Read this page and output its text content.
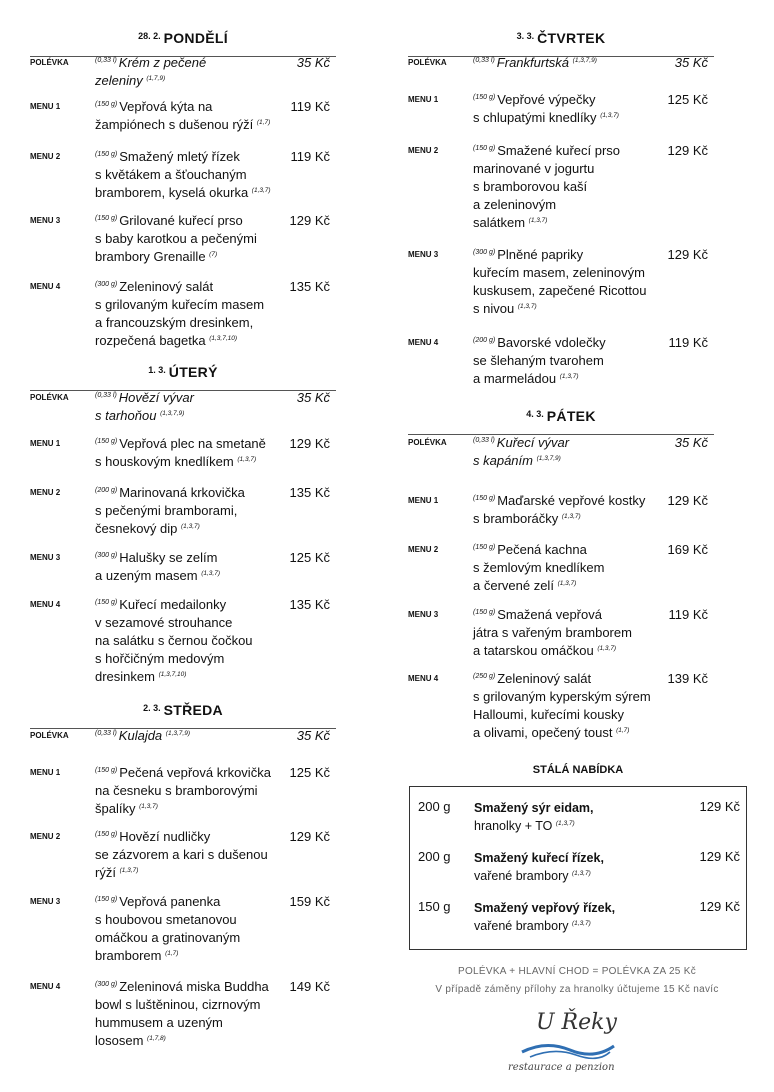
$^{28. 2.}$ PONDĚLÍ
POLÉVKA	$^{(0,33 l)}$ Krém z pečené
zeleniny $^{(1,7,9)}$
35 Kč
MENU 1	$^{(150 g)}$ Vepřová kýta na
žampiónech s dušenou rýží $^{(1,7)}$
119 Kč
MENU 2	$^{(150 g)}$ Smažený mletý řízek
s květákem a šťouchaným
bramborem, kyselá okurka $^{(1,3,7)}$
119 Kč
MENU 3	$^{(150 g)}$ Grilované kuřecí prso
s baby karotkou a pečenými
brambory Grenaille $^{(7)}$
129 Kč
MENU 4	$^{(300 g)}$ Zeleninový salát
s grilovaným kuřecím masem
a francouzským dresinkem,
rozpečená bagetka $^{(1,3,7,10)}$
135 Kč
$^{1. 3.}$ ÚTERÝ
POLÉVKA	$^{(0,33 l)}$ Hovězí vývar
s tarhoňou $^{(1,3,7,9)}$
35 Kč
MENU 1	$^{(150 g)}$ Vepřová plec na smetaně
s houskovým knedlíkem $^{(1,3,7)}$
129 Kč
MENU 2	$^{(200 g)}$ Marinovaná krkovička
s pečenými bramborami,
česnekový dip $^{(1,3,7)}$
135 Kč
MENU 3	$^{(300 g)}$ Halušky se zelím
a uzeným masem $^{(1,3,7)}$
125 Kč
MENU 4	$^{(150 g)}$ Kuřecí medailonky
v sezamové strouhance
na salátku s černou čočkou
s hořčičným medovým
dresinkem $^{(1,3,7,10)}$
135 Kč
$^{2. 3.}$ STŘEDA
POLÉVKA	$^{(0,33 l)}$ Kulajda $^{(1,3,7,9)}$	35 Kč
MENU 1	$^{(150 g)}$ Pečená vepřová krkovička
na česneku s bramborovými
špalíky $^{(1,3,7)}$
125 Kč
MENU 2	$^{(150 g)}$ Hovězí nudličky
se zázvorem a kari s dušenou
rýží $^{(1,3,7)}$
129 Kč
MENU 3	$^{(150 g)}$ Vepřová panenka
s houbovou smetanovou
omáčkou a gratinovaným
bramborem $^{(1,7)}$
159 Kč
MENU 4	$^{(300 g)}$ Zeleninová miska Buddha
bowl s luštěninou, cizrnovým
hummusem a uzeným
lososem $^{(1,7,8)}$
149 Kč
$^{3. 3.}$ ČTVRTEK
POLÉVKA	$^{(0,33 l)}$ Frankfurtská $^{(1,3,7,9)}$	35 Kč
MENU 1	$^{(150 g)}$ Vepřové výpečky
s chlupatými knedlíky $^{(1,3,7)}$
125 Kč
MENU 2	$^{(150 g)}$ Smažené kuřecí prso
marinované v jogurtu
s bramborovou kaší
a zeleninovým
salátkem $^{(1,3,7)}$
129 Kč
MENU 3	$^{(300 g)}$ Plněné papriky
kuřecím masem, zeleninovým
kuskusem, zapečené Ricottou
s nivou $^{(1,3,7)}$
129 Kč
MENU 4	$^{(200 g)}$ Bavorské vdolečky
se šlehaným tvarohem
a marmeládou $^{(1,3,7)}$
119 Kč
$^{4. 3.}$ PÁTEK
POLÉVKA	$^{(0,33 l)}$ Kuřecí vývar
s kapáním $^{(1,3,7,9)}$
35 Kč
MENU 1	$^{(150 g)}$ Maďarské vepřové kostky
s bramboráčky $^{(1,3,7)}$
129 Kč
MENU 2	$^{(150 g)}$ Pečená kachna
s žemlovým knedlíkem
a červené zelí $^{(1,3,7)}$
169 Kč
MENU 3	$^{(150 g)}$ Smažená vepřová
játra s vařeným bramborem
a tatarskou omáčkou $^{(1,3,7)}$
119 Kč
MENU 4	$^{(250 g)}$ Zeleninový salát
s grilovaným kyperským sýrem
Halloumi, kuřecími kousky
a olivami, opečený toust $^{(1,7)}$
139 Kč
STÁLÁ NABÍDKA
200 g Smažený sýr eidam,
hranolky + TO $^{(1,3,7)}$
129 Kč
200 g Smažený kuřecí řízek,
vařené brambory $^{(1,3,7)}$
129 Kč
150 g Smažený vepřový řízek,
vařené brambory $^{(1,3,7)}$
129 Kč
POLÉVKA + HLAVNÍ CHOD = POLÉVKA ZA 25 Kč
V případě záměny přílohy za hranolky účtujeme 15 Kč navíc
U Řeky
restaurace a penzion
